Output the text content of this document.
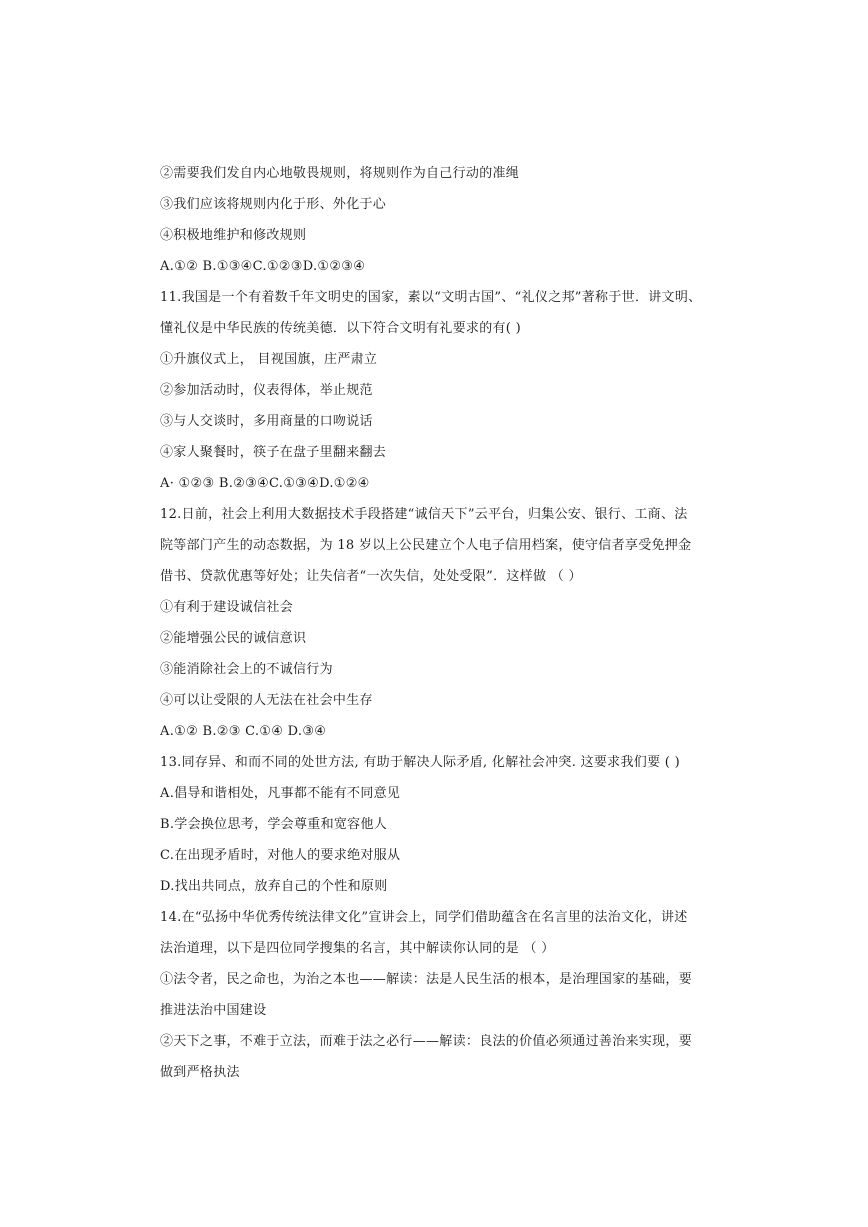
②需要我们发自内心地敬畏规则，将规则作为自己行动的准绳
③我们应该将规则内化于形、外化于心
④积极地维护和修改规则
A.①② B.①③④C.①②③D.①②③④
11.我国是一个有着数千年文明史的国家，素以“文明古国”、“礼仪之邦”著称于世．讲文明、
懂礼仪是中华民族的传统美德．以下符合文明有礼要求的有( )
①升旗仪式上， 目视国旗，庄严肃立
②参加活动时，仪表得体，举止规范
③与人交谈时，多用商量的口吻说话
④家人聚餐时，筷子在盘子里翻来翻去
A· ①②③ B.②③④C.①③④D.①②④
12.日前，社会上利用大数据技术手段搭建“诚信天下”云平台，归集公安、银行、工商、法
院等部门产生的动态数据，为 18 岁以上公民建立个人电子信用档案，使守信者享受免押金
借书、贷款优惠等好处；让失信者“一次失信，处处受限”．这样做 （ ）
①有利于建设诚信社会
②能增强公民的诚信意识
③能消除社会上的不诚信行为
④可以让受限的人无法在社会中生存
A.①② B.②③ C.①④ D.③④
13.同存异、和而不同的处世方法, 有助于解决人际矛盾, 化解社会冲突. 这要求我们要 ( )
A.倡导和谐相处，凡事都不能有不同意见
B.学会换位思考，学会尊重和宽容他人
C.在出现矛盾时，对他人的要求绝对服从
D.找出共同点，放弃自己的个性和原则
14.在“弘扬中华优秀传统法律文化”宣讲会上，同学们借助蕴含在名言里的法治文化，讲述
法治道理，以下是四位同学搜集的名言，其中解读你认同的是 （ ）
①法令者，民之命也，为治之本也——解读：法是人民生活的根本，是治理国家的基础，要
推进法治中国建设
②天下之事，不难于立法，而难于法之必行——解读：良法的价值必须通过善治来实现，要
做到严格执法
